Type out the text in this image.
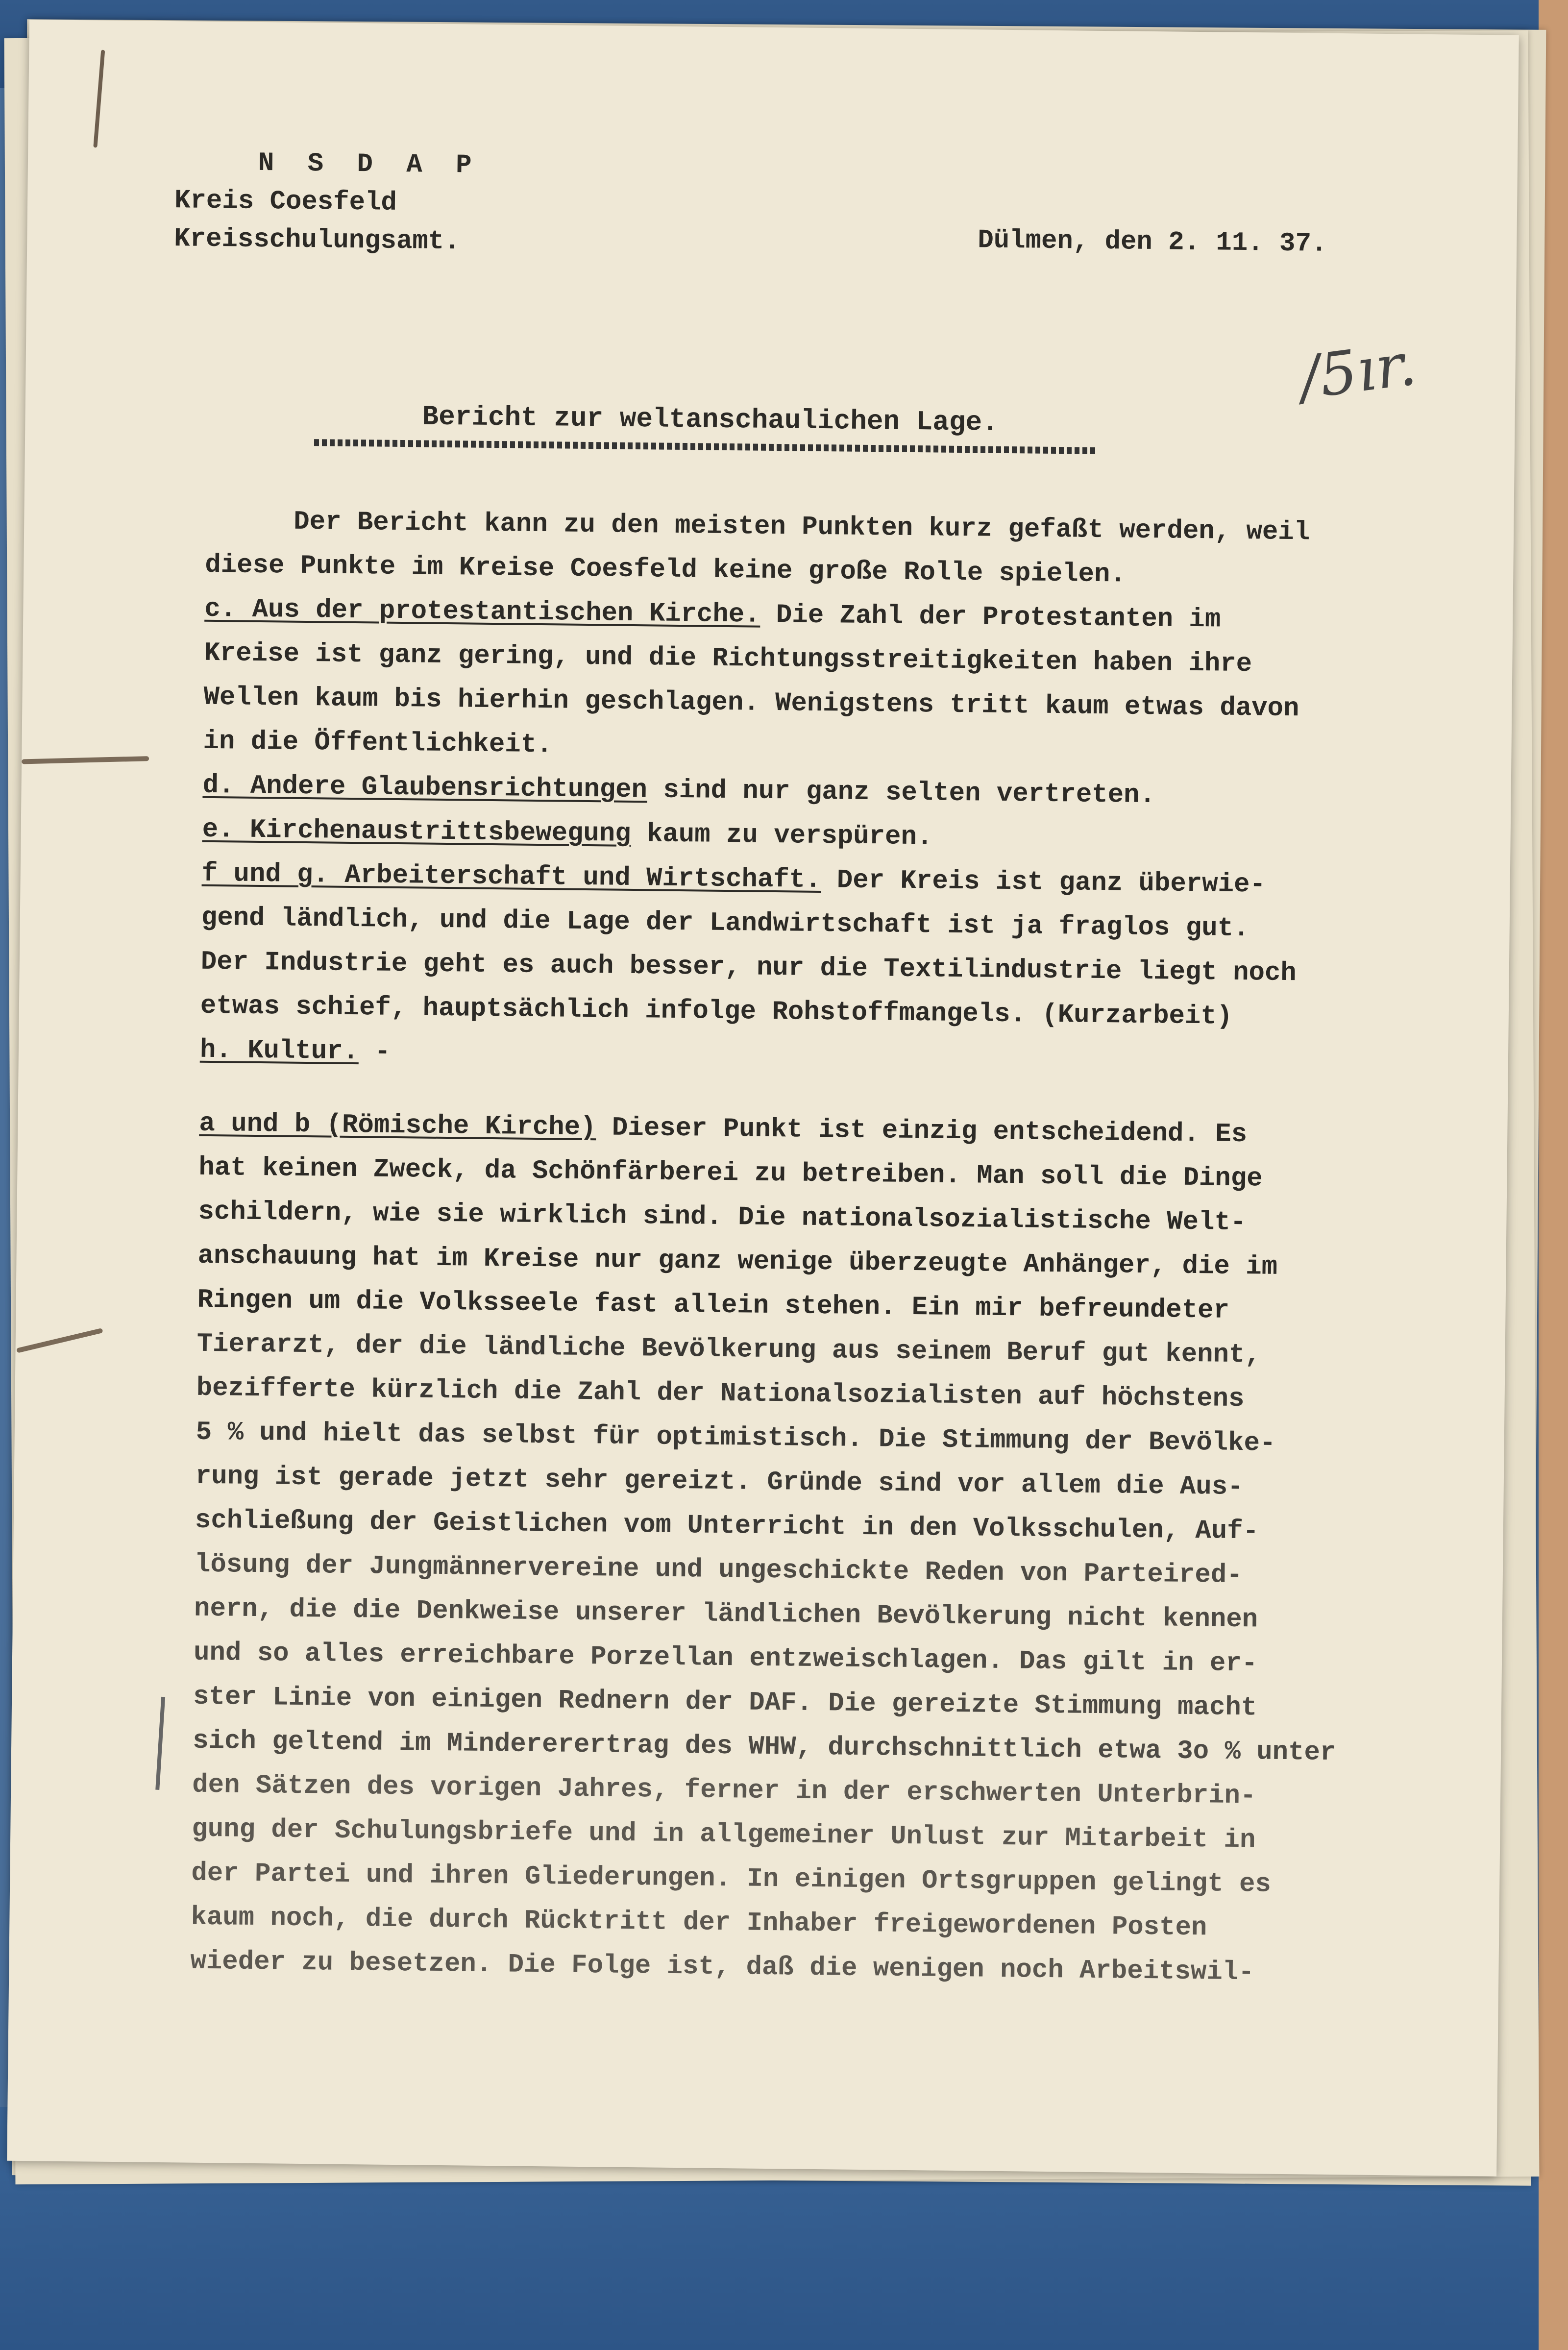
N S D A P
Kreis Coesfeld
Kreisschulungsamt.	Dülmen, den 2. 11. 37.
/5ır.
Bericht zur weltanschaulichen Lage.

Der Bericht kann zu den meisten Punkten kurz gefaßt werden, weil

diese Punkte im Kreise Coesfeld keine große Rolle spielen.

c. Aus der protestantischen Kirche. Die Zahl der Protestanten im

Kreise ist ganz gering, und die Richtungsstreitigkeiten haben ihre

Wellen kaum bis hierhin geschlagen. Wenigstens tritt kaum etwas davon

in die Öffentlichkeit.

d. Andere Glaubensrichtungen sind nur ganz selten vertreten.

e. Kirchenaustrittsbewegung kaum zu verspüren.

f und g. Arbeiterschaft und Wirtschaft. Der Kreis ist ganz überwie-

gend ländlich, und die Lage der Landwirtschaft ist ja fraglos gut.

Der Industrie geht es auch besser, nur die Textilindustrie liegt noch

etwas schief, hauptsächlich infolge Rohstoffmangels. (Kurzarbeit)

h. Kultur. -

a und b (Römische Kirche) Dieser Punkt ist einzig entscheidend. Es

hat keinen Zweck, da Schönfärberei zu betreiben. Man soll die Dinge

schildern, wie sie wirklich sind. Die nationalsozialistische Welt-

anschauung hat im Kreise nur ganz wenige überzeugte Anhänger, die im

Ringen um die Volksseele fast allein stehen. Ein mir befreundeter

Tierarzt, der die ländliche Bevölkerung aus seinem Beruf gut kennt,

bezifferte kürzlich die Zahl der Nationalsozialisten auf höchstens

5 % und hielt das selbst für optimistisch. Die Stimmung der Bevölke-

rung ist gerade jetzt sehr gereizt. Gründe sind vor allem die Aus-

schließung der Geistlichen vom Unterricht in den Volksschulen, Auf-

lösung der Jungmännervereine und ungeschickte Reden von Parteired-

nern, die die Denkweise unserer ländlichen Bevölkerung nicht kennen

und so alles erreichbare Porzellan entzweischlagen. Das gilt in er-

ster Linie von einigen Rednern der DAF. Die gereizte Stimmung macht

sich geltend im Mindererertrag des WHW, durchschnittlich etwa 3o % unter

den Sätzen des vorigen Jahres, ferner in der erschwerten Unterbrin-

gung der Schulungsbriefe und in allgemeiner Unlust zur Mitarbeit in

der Partei und ihren Gliederungen. In einigen Ortsgruppen gelingt es

kaum noch, die durch Rücktritt der Inhaber freigewordenen Posten

wieder zu besetzen. Die Folge ist, daß die wenigen noch Arbeitswil-
